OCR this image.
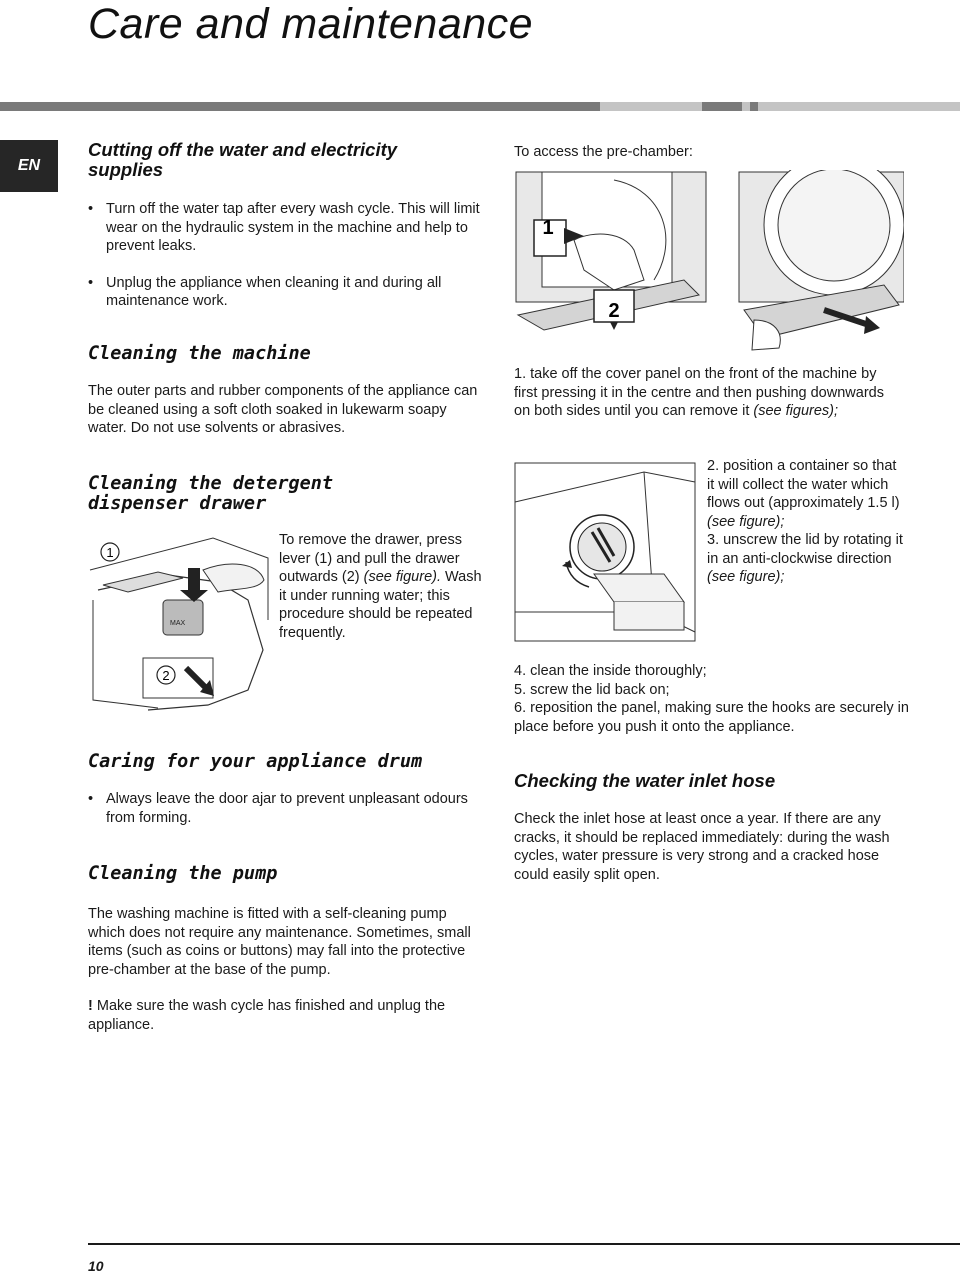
Care and maintenance
EN
Cutting off the water and electricity supplies
• Turn off the water tap after every wash cycle. This will limit wear on the hydraulic system in the machine and help to prevent leaks.
• Unplug the appliance when cleaning it and during all maintenance work.
Cleaning the machine

The outer parts and rubber components of the appliance can be cleaned using a soft cloth soaked in lukewarm soapy water. Do not use solvents or abrasives.

Cleaning the detergent dispenser drawer
MAX
1
2

To remove the drawer, press lever (1) and pull the drawer outwards (2) (see figure). Wash it under running water; this procedure should be repeated frequently.

Caring for your appliance drum
• Always leave the door ajar to prevent unpleasant odours from forming.
Cleaning the pump

The washing machine is fitted with a self-cleaning pump which does not require any maintenance. Sometimes, small items (such as coins or buttons) may fall into the protective pre-chamber at the base of the pump.

! Make sure the wash cycle has finished and unplug the appliance.

To access the pre-chamber:
1
2

1. take off the cover panel on the front of the machine by first pressing it in the centre and then pushing downwards on both sides until you can remove it (see figures);

2. position a container so that it will collect the water which flows out (approximately 1.5 l) (see figure);

3. unscrew the lid by rotating it in an anti-clockwise direction (see figure);

4. clean the inside thoroughly;

5. screw the lid back on;

6. reposition the panel, making sure the hooks are securely in place before you push it onto the appliance.

Checking the water inlet hose

Check the inlet hose at least once a year. If there are any cracks, it should be replaced immediately: during the wash cycles, water pressure is very strong and a cracked hose could easily split open.

10
